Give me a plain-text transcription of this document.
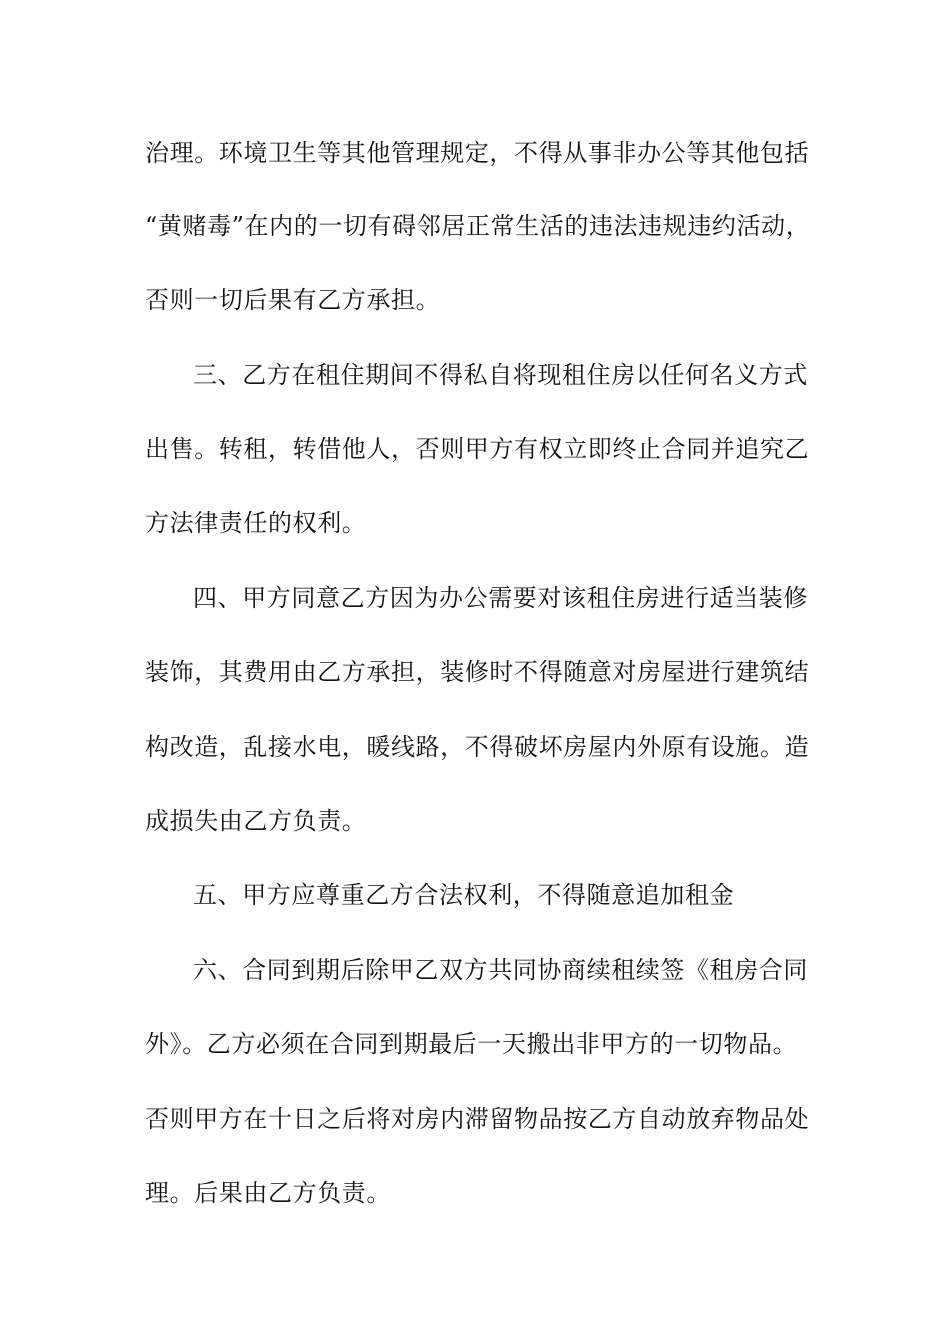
治理。环境卫生等其他管理规定，不得从事非办公等其他包括
“黄赌毒”在内的一切有碍邻居正常生活的违法违规违约活动，
否则一切后果有乙方承担。
三、乙方在租住期间不得私自将现租住房以任何名义方式
出售。转租，转借他人，否则甲方有权立即终止合同并追究乙
方法律责任的权利。
四、甲方同意乙方因为办公需要对该租住房进行适当装修
装饰，其费用由乙方承担，装修时不得随意对房屋进行建筑结
构改造，乱接水电，暖线路，不得破坏房屋内外原有设施。造
成损失由乙方负责。
五、甲方应尊重乙方合法权利，不得随意追加租金
六、合同到期后除甲乙双方共同协商续租续签《租房合同
外》。乙方必须在合同到期最后一天搬出非甲方的一切物品。
否则甲方在十日之后将对房内滞留物品按乙方自动放弃物品处
理。后果由乙方负责。
